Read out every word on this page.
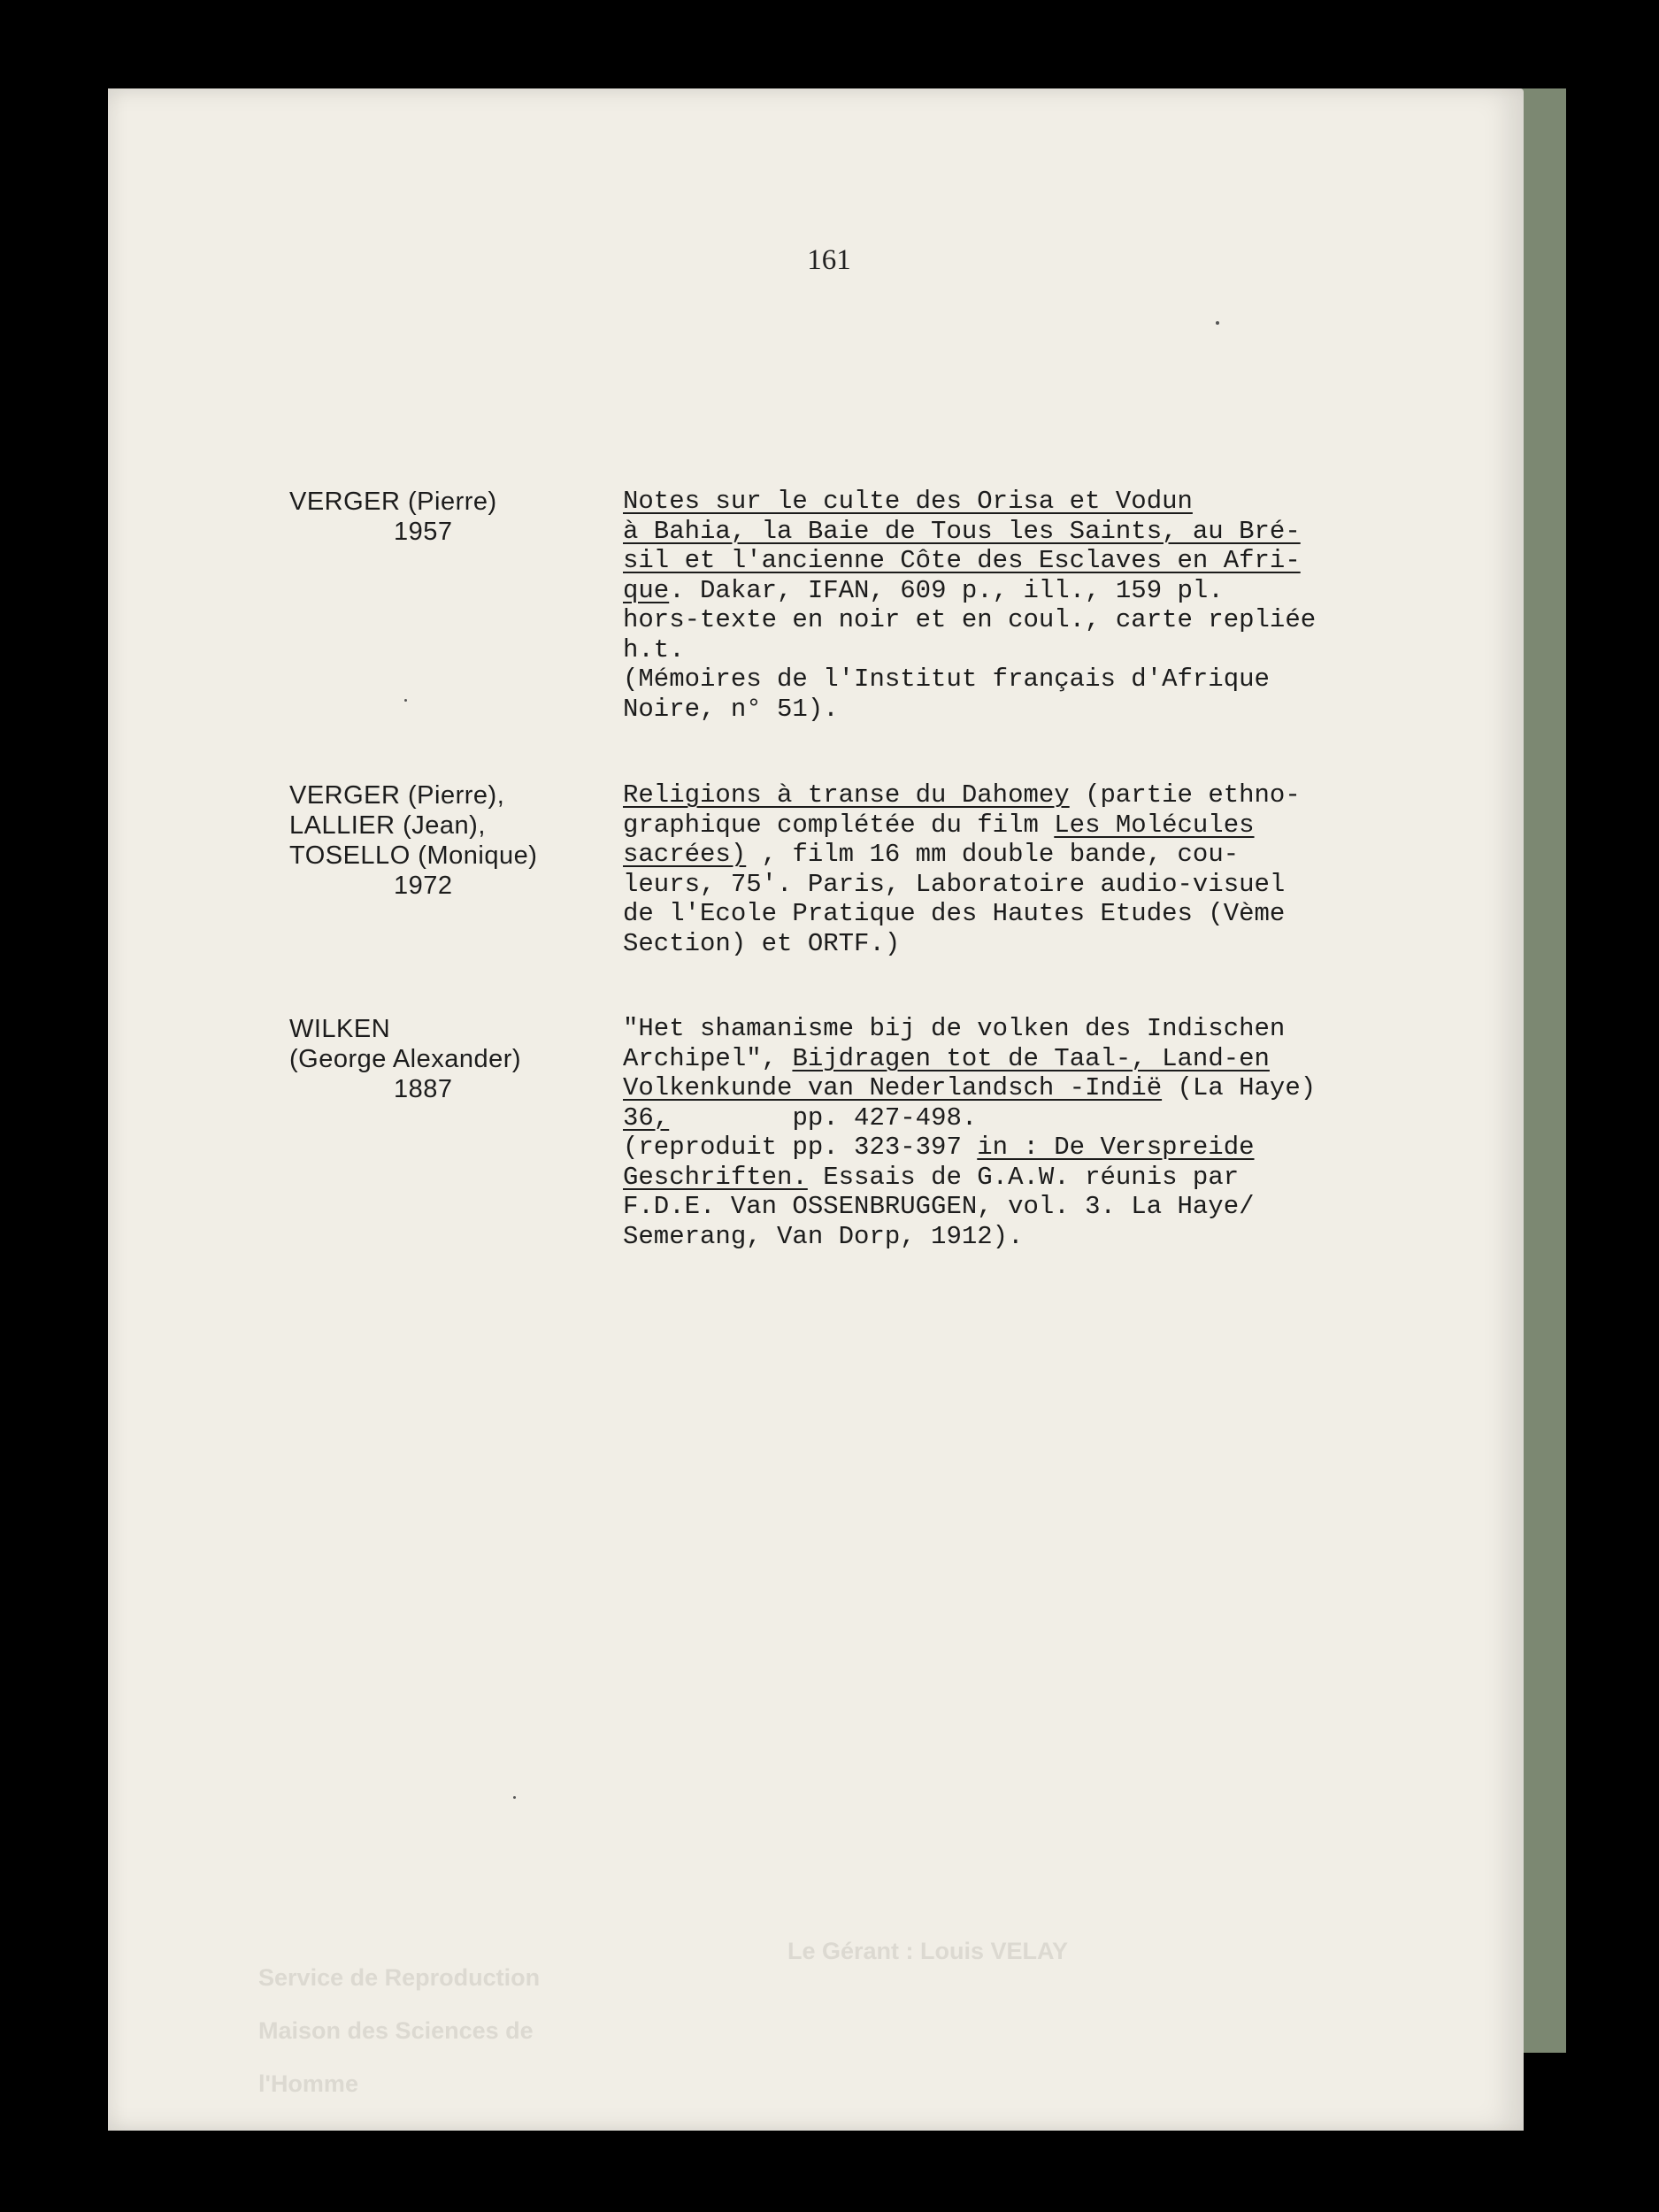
161
VERGER (Pierre)
1957
Notes sur le culte des Orisa et Vodun
à Bahia, la Baie de Tous les Saints, au Bré-
sil et l'ancienne Côte des Esclaves en Afri-
que. Dakar, IFAN, 609 p., ill., 159 pl.
hors-texte en noir et en coul., carte repliée
h.t.
(Mémoires de l'Institut français d'Afrique
Noire, n° 51).
VERGER (Pierre),
LALLIER (Jean),
TOSELLO (Monique)
1972
Religions à transe du Dahomey (partie ethno-
graphique complétée du film Les Molécules
sacrées) , film 16 mm double bande, cou-
leurs, 75'. Paris, Laboratoire audio-visuel
de l'Ecole Pratique des Hautes Etudes (Vème
Section) et ORTF.)
WILKEN
(George Alexander)
1887
"Het shamanisme bij de volken des Indischen
Archipel", Bijdragen tot de Taal-, Land-en
Volkenkunde van Nederlandsch -Indië (La Haye)
36,        pp. 427-498.
(reproduit pp. 323-397 in : De Verspreide
Geschriften. Essais de G.A.W. réunis par
F.D.E. Van OSSENBRUGGEN, vol. 3. La Haye/
Semerang, Van Dorp, 1912).

Service de Reproduction

Maison des Sciences de

l'Homme

Le Gérant : Louis VELAY
